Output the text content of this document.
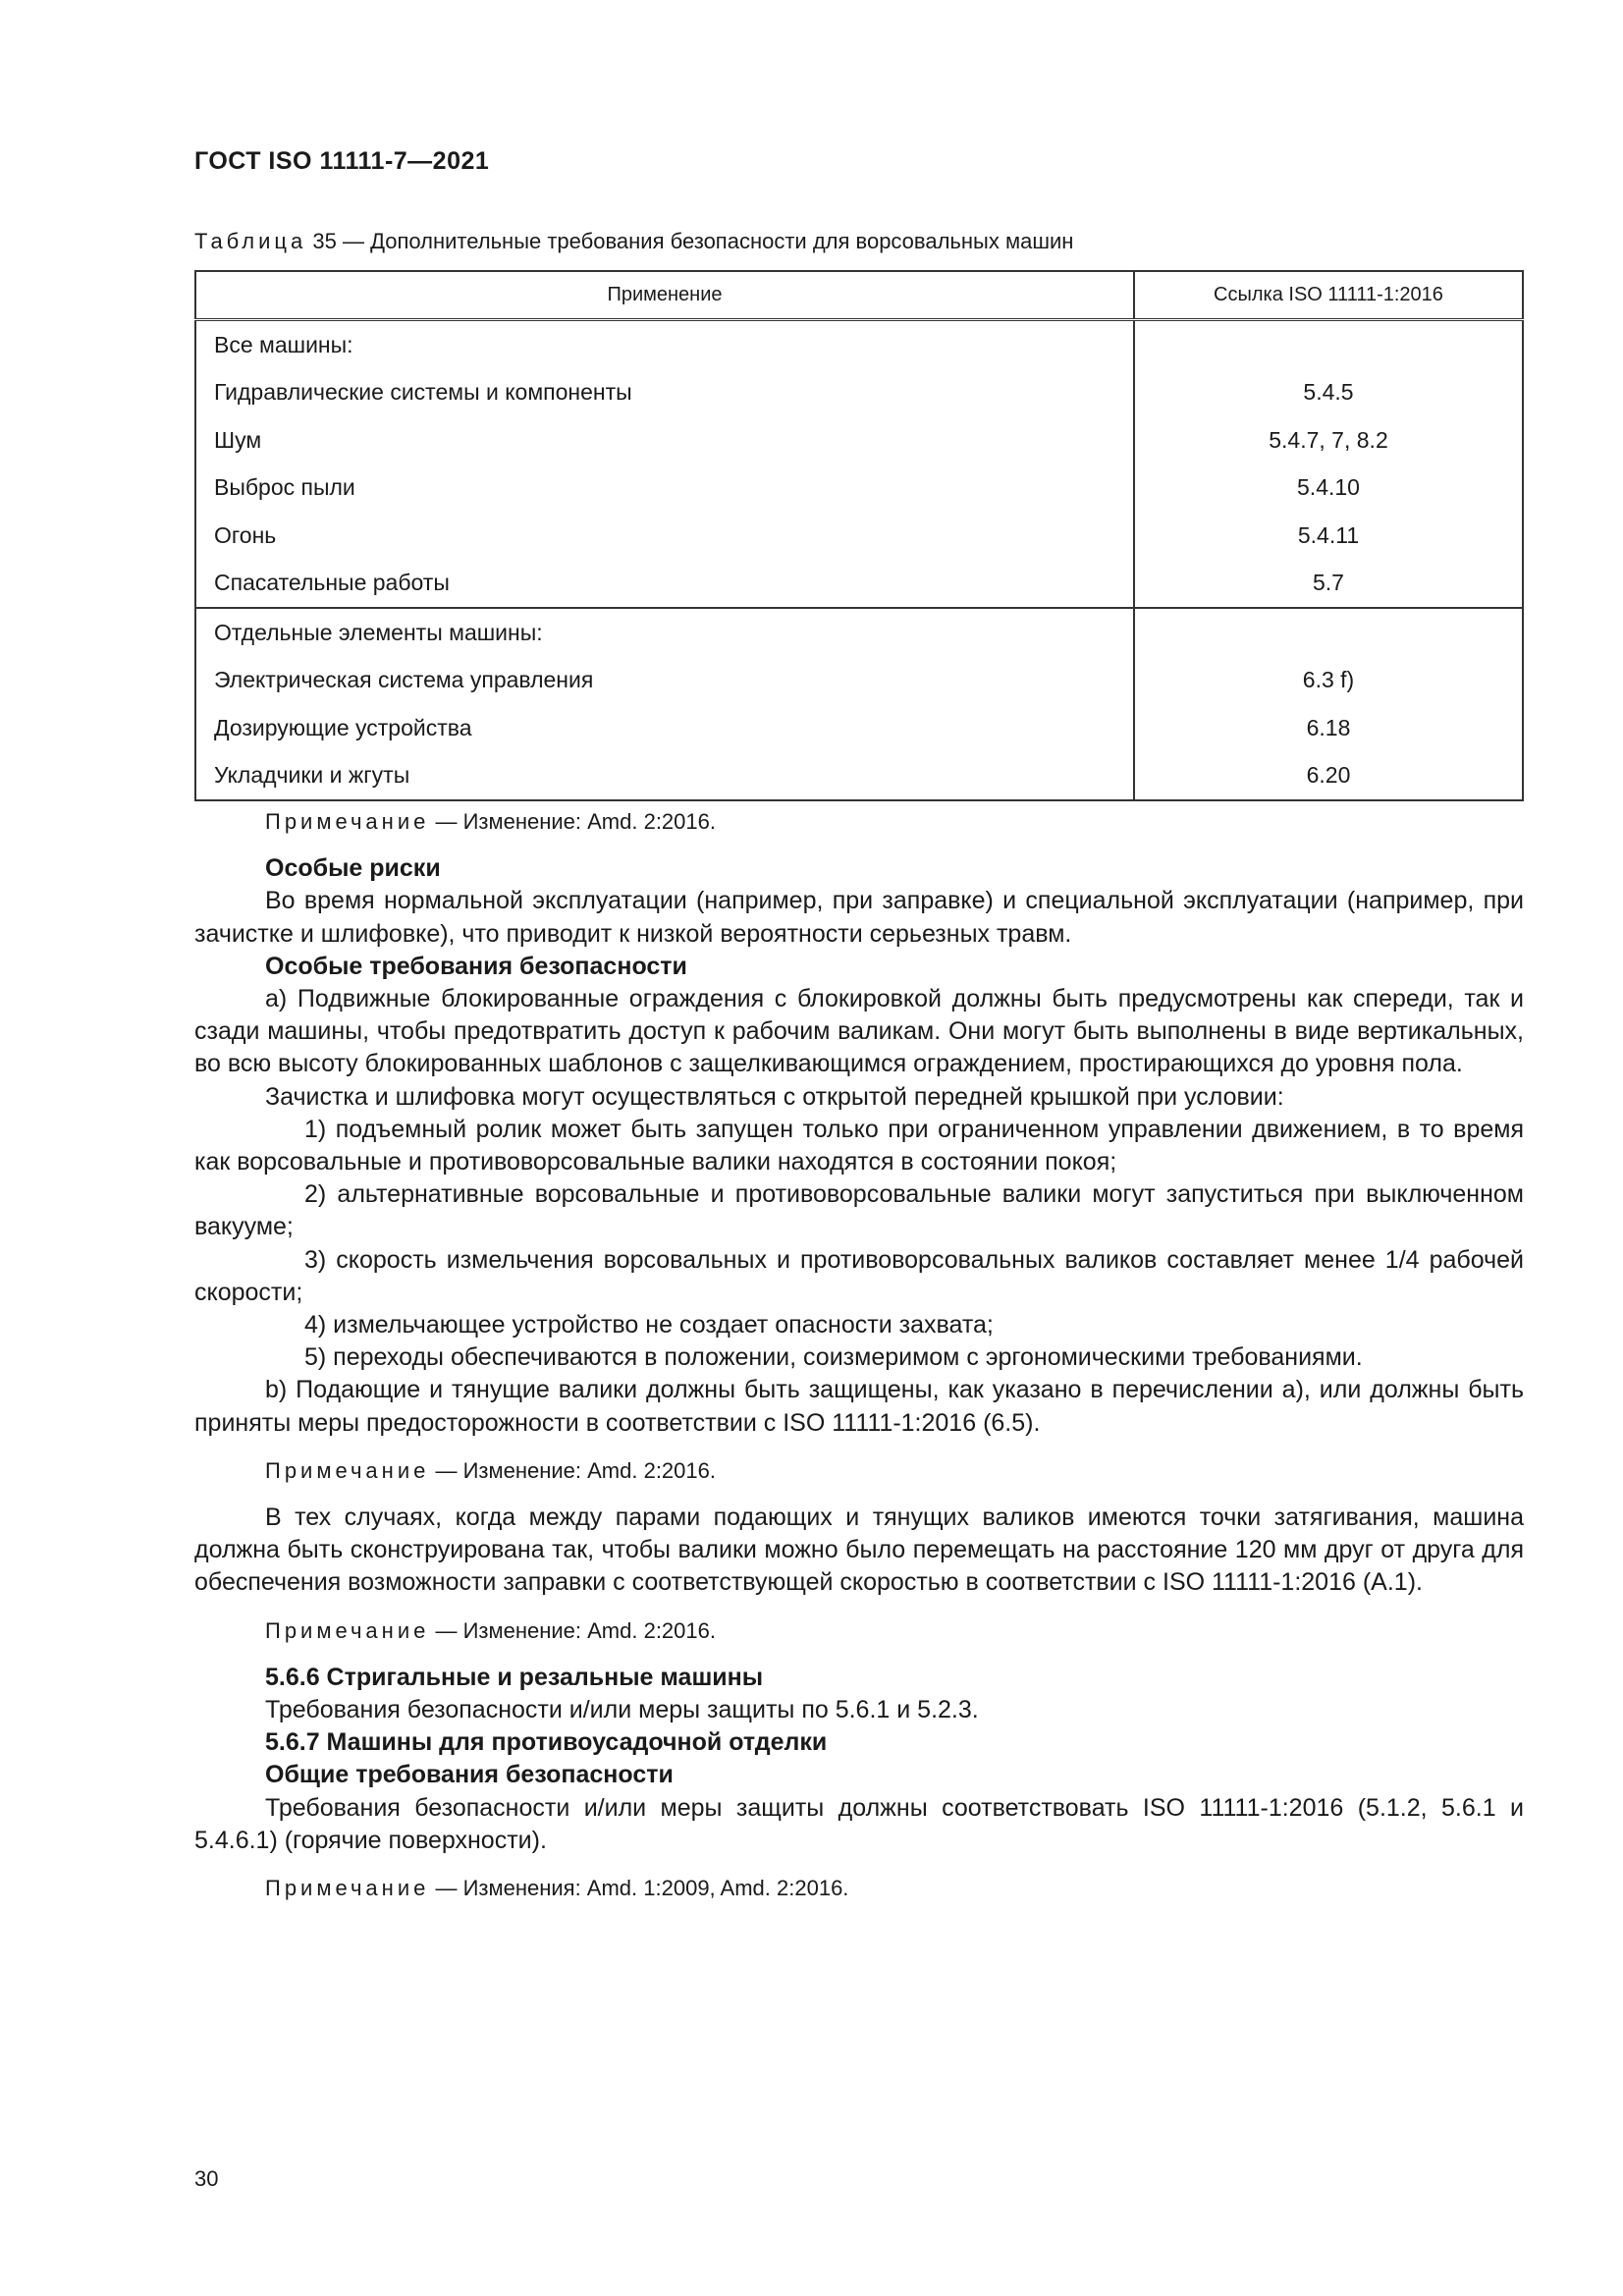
ГОСТ ISO 11111-7—2021
Таблица 35 — Дополнительные требования безопасности для ворсовальных машин
Применение	Ссылка ISO 11111-1:2016
Все машины:	
Гидравлические системы и компоненты	5.4.5
Шум	5.4.7, 7, 8.2
Выброс пыли	5.4.10
Огонь	5.4.11
Спасательные работы	5.7
Отдельные элементы машины:	
Электрическая система управления	6.3 f)
Дозирующие устройства	6.18
Укладчики и жгуты	6.20

Примечание — Изменение: Amd. 2:2016.

Особые риски

Во время нормальной эксплуатации (например, при заправке) и специальной эксплуатации (например, при зачистке и шлифовке), что приводит к низкой вероятности серьезных травм.

Особые требования безопасности

а) Подвижные блокированные ограждения с блокировкой должны быть предусмотрены как спереди, так и сзади машины, чтобы предотвратить доступ к рабочим валикам. Они могут быть выполнены в виде вертикальных, во всю высоту блокированных шаблонов с защелкивающимся ограждением, простирающихся до уровня пола.

Зачистка и шлифовка могут осуществляться с открытой передней крышкой при условии:

1) подъемный ролик может быть запущен только при ограниченном управлении движением, в то время как ворсовальные и противоворсовальные валики находятся в состоянии покоя;

2) альтернативные ворсовальные и противоворсовальные валики могут запуститься при выключенном вакууме;

3) скорость измельчения ворсовальных и противоворсовальных валиков составляет менее 1/4 рабочей скорости;

4) измельчающее устройство не создает опасности захвата;

5) переходы обеспечиваются в положении, соизмеримом с эргономическими требованиями.

b) Подающие и тянущие валики должны быть защищены, как указано в перечислении а), или должны быть приняты меры предосторожности в соответствии с ISO 11111-1:2016 (6.5).

Примечание — Изменение: Amd. 2:2016.

В тех случаях, когда между парами подающих и тянущих валиков имеются точки затягивания, машина должна быть сконструирована так, чтобы валики можно было перемещать на расстояние 120 мм друг от друга для обеспечения возможности заправки с соответствующей скоростью в соответствии с ISO 11111-1:2016 (А.1).

Примечание — Изменение: Amd. 2:2016.

5.6.6 Стригальные и резальные машины

Требования безопасности и/или меры защиты по 5.6.1 и 5.2.3.

5.6.7 Машины для противоусадочной отделки

Общие требования безопасности

Требования безопасности и/или меры защиты должны соответствовать ISO 11111-1:2016 (5.1.2, 5.6.1 и 5.4.6.1) (горячие поверхности).

Примечание — Изменения: Amd. 1:2009, Amd. 2:2016.

30
